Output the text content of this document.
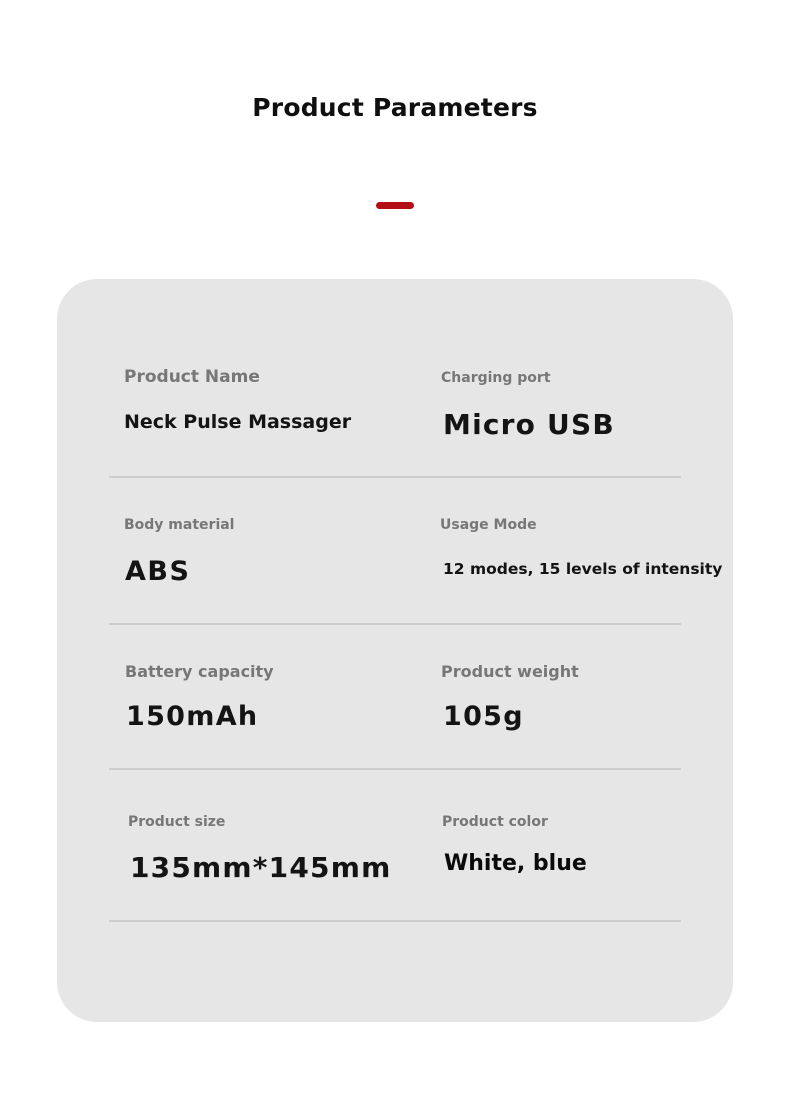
Product Parameters
Product Name
Neck Pulse Massager
Charging port
Micro USB
Body material
ABS
Usage Mode
12 modes, 15 levels of intensity
Battery capacity
150mAh
Product weight
105g
Product size
135mm*145mm
Product color
White, blue
